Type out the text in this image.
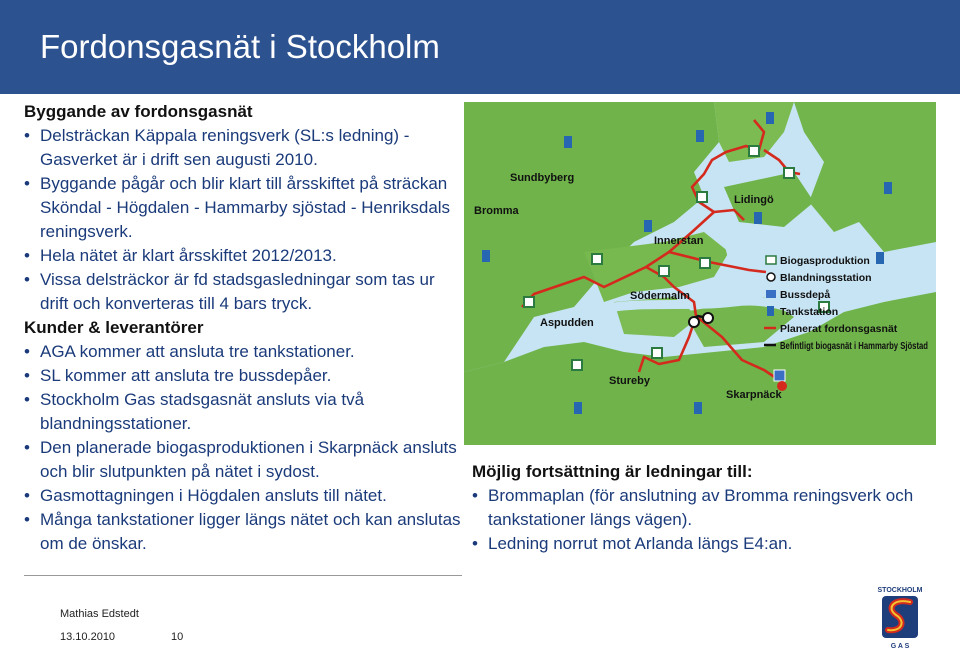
Fordonsgasnät i Stockholm

Byggande av fordonsgasnät

• Delsträckan Käppala reningsverk (SL:s ledning) - Gasverket är i drift sen augusti 2010.
• Byggande pågår och blir klart till årsskiftet på sträckan Sköndal - Högdalen - Hammarby sjöstad - Henriksdals reningsverk.
• Hela nätet är klart årsskiftet 2012/2013.
• Vissa delsträckor är fd stadsgasledningar som tas ur drift och konverteras till 4 bars tryck.

Kunder & leverantörer

• AGA kommer att ansluta tre tankstationer.
• SL kommer att ansluta tre bussdepåer.
• Stockholm Gas stadsgasnät ansluts via två blandningsstationer.
• Den planerade biogasproduktionen i Skarpnäck ansluts och blir slutpunkten på nätet i sydost.
• Gasmottagningen i Högdalen ansluts till nätet.
• Många tankstationer ligger längs nätet och kan anslutas om de önskar.
Sundbyberg
Bromma
Lidingö
Innerstan
Södermalm
Aspudden
Stureby
Skarpnäck
Biogasproduktion
Blandningsstation
Bussdepå
Tankstation
Planerat fordonsgasnät
Befintligt biogasnät i Hammarby Sjöstad

Möjlig fortsättning är ledningar till:

• Brommaplan (för anslutning av Bromma reningsverk och tankstationer längs vägen).
• Ledning norrut mot Arlanda längs E4:an.
Mathias Edstedt
13.10.2010	10
STOCKHOLM
G A S
